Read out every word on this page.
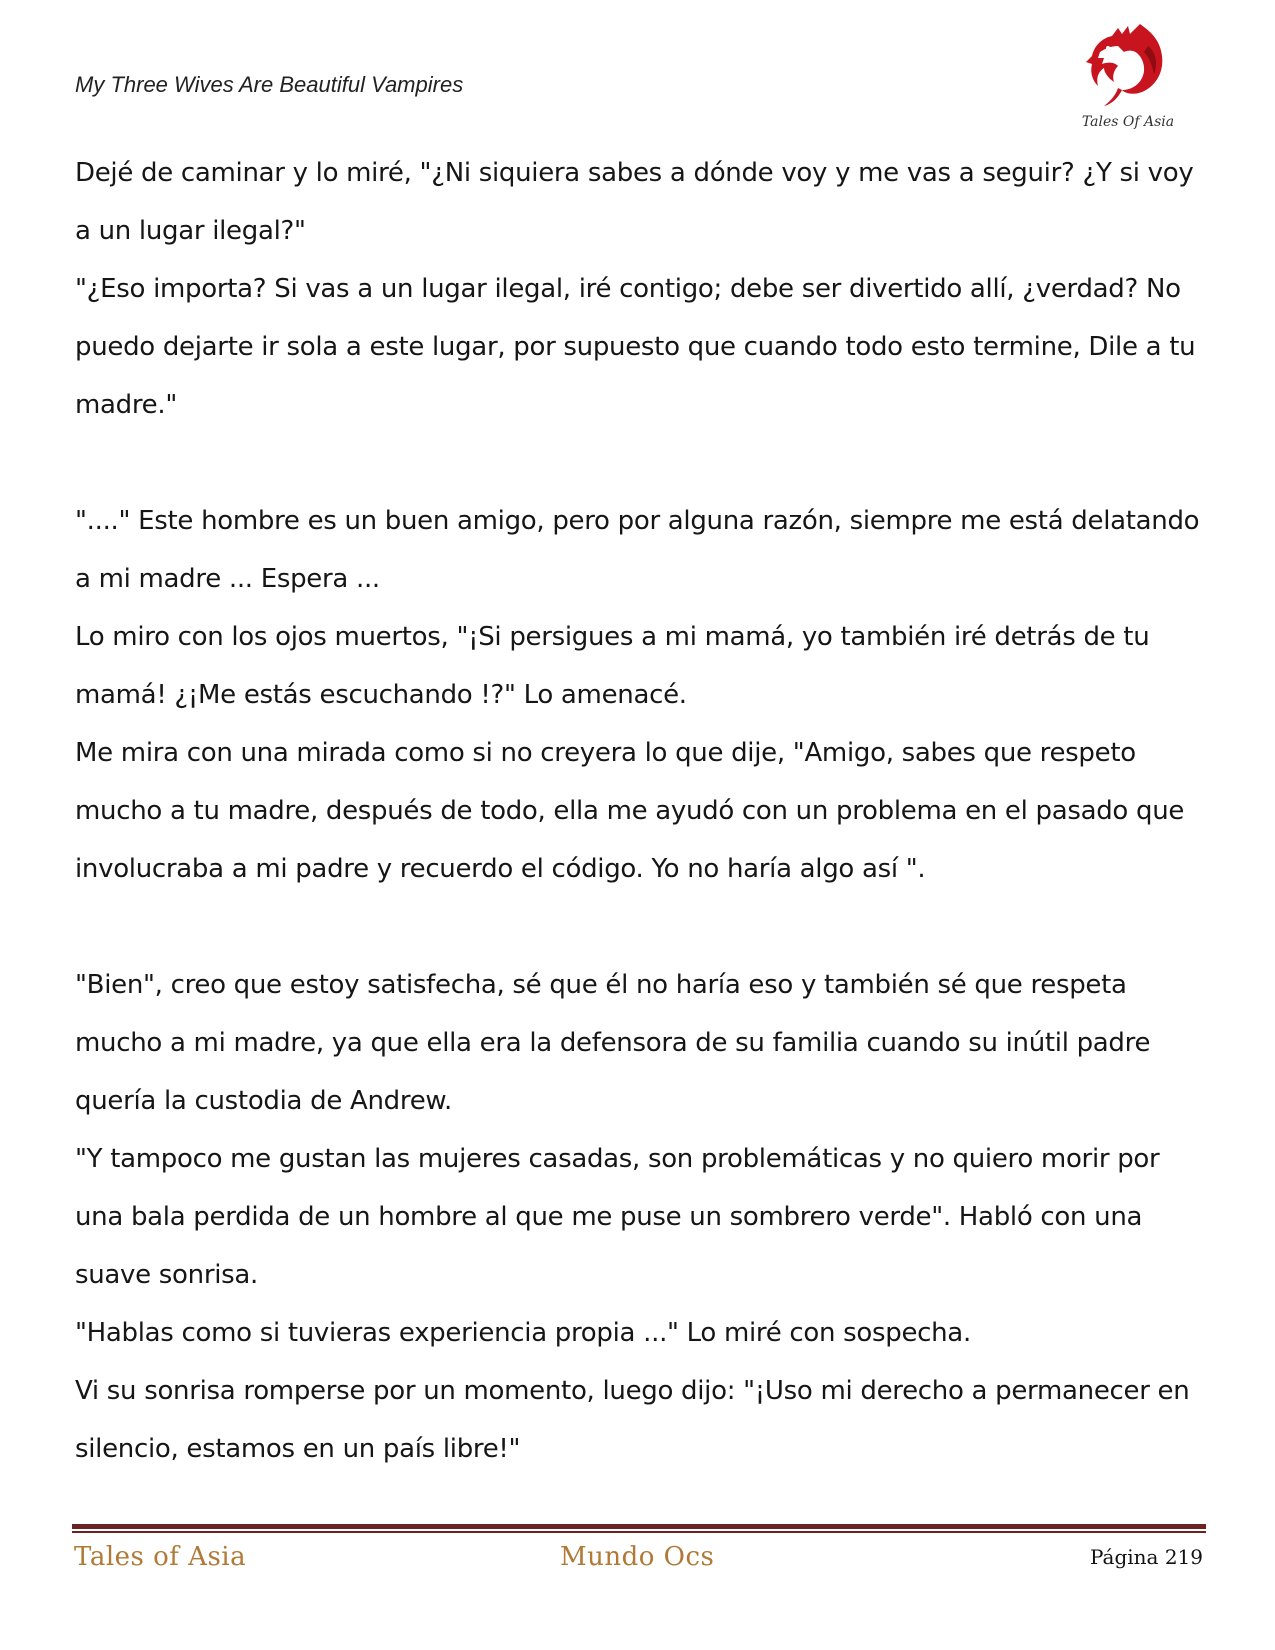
My Three Wives Are Beautiful Vampires
Tales Of Asia

Dejé de caminar y lo miré, "¿Ni siquiera sabes a dónde voy y me vas a seguir? ¿Y si voy a un lugar ilegal?"

"¿Eso importa? Si vas a un lugar ilegal, iré contigo; debe ser divertido allí, ¿verdad? No puedo dejarte ir sola a este lugar, por supuesto que cuando todo esto termine, Dile a tu madre."

"...." Este hombre es un buen amigo, pero por alguna razón, siempre me está delatando a mi madre ... Espera ...

Lo miro con los ojos muertos, "¡Si persigues a mi mamá, yo también iré detrás de tu mamá! ¿¡Me estás escuchando !?" Lo amenacé.

Me mira con una mirada como si no creyera lo que dije, "Amigo, sabes que respeto mucho a tu madre, después de todo, ella me ayudó con un problema en el pasado que involucraba a mi padre y recuerdo el código. Yo no haría algo así ".

"Bien", creo que estoy satisfecha, sé que él no haría eso y también sé que respeta mucho a mi madre, ya que ella era la defensora de su familia cuando su inútil padre quería la custodia de Andrew.

"Y tampoco me gustan las mujeres casadas, son problemáticas y no quiero morir por una bala perdida de un hombre al que me puse un sombrero verde". Habló con una suave sonrisa.

"Hablas como si tuvieras experiencia propia ..." Lo miré con sospecha.

Vi su sonrisa romperse por un momento, luego dijo: "¡Uso mi derecho a permanecer en silencio, estamos en un país libre!"

Tales of Asia	Mundo Ocs	Página 219
